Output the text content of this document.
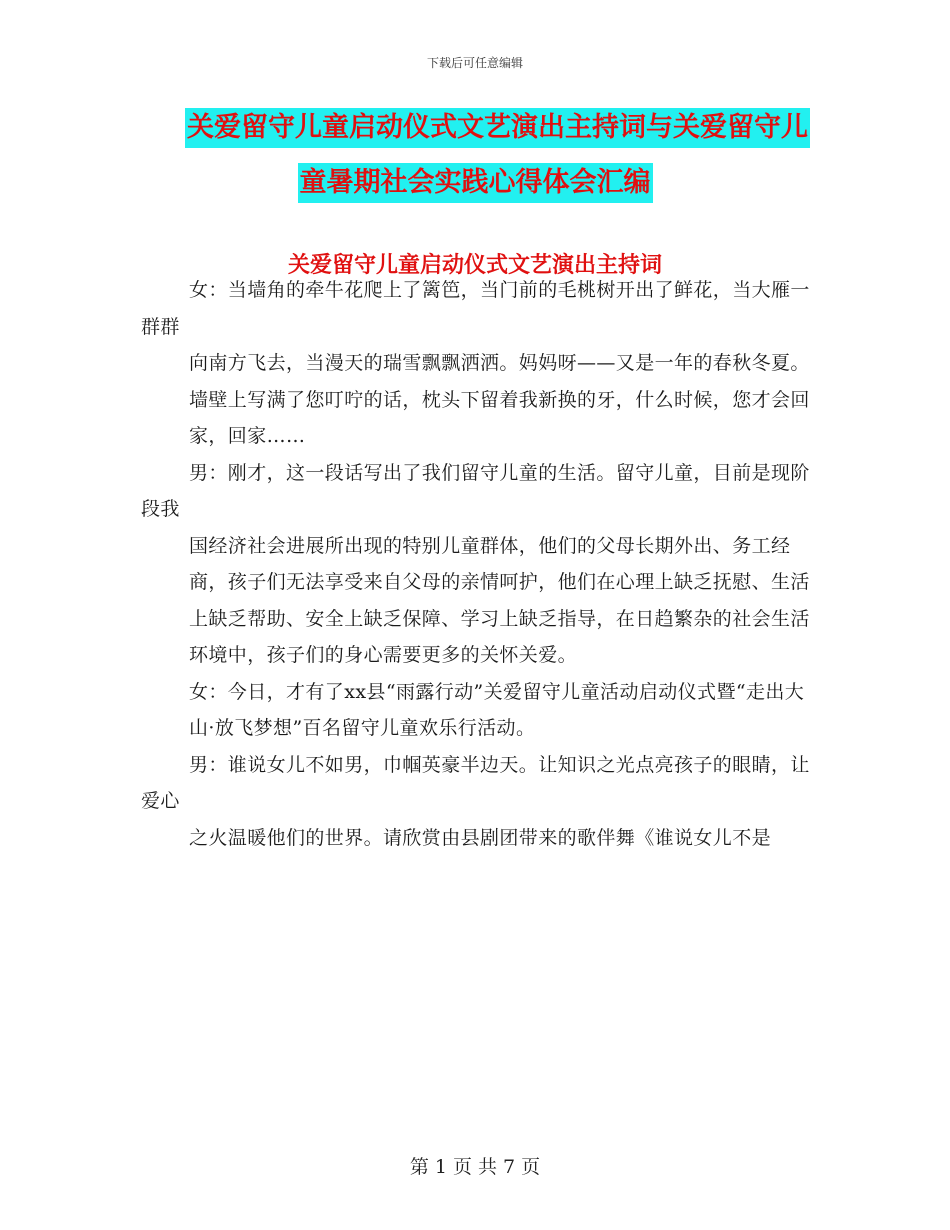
下载后可任意编辑
关爱留守儿童启动仪式文艺演出主持词与关爱留守儿
童暑期社会实践心得体会汇编
关爱留守儿童启动仪式文艺演出主持词

女：当墙角的牵牛花爬上了篱笆，当门前的毛桃树开出了鲜花，当大雁一群群

向南方飞去，当漫天的瑞雪飘飘洒洒。妈妈呀——又是一年的春秋冬夏。

墙壁上写满了您叮咛的话，枕头下留着我新换的牙，什么时候，您才会回

家，回家……

男：刚才，这一段话写出了我们留守儿童的生活。留守儿童，目前是现阶段我

国经济社会进展所出现的特别儿童群体，他们的父母长期外出、务工经

商，孩子们无法享受来自父母的亲情呵护，他们在心理上缺乏抚慰、生活

上缺乏帮助、安全上缺乏保障、学习上缺乏指导，在日趋繁杂的社会生活

环境中，孩子们的身心需要更多的关怀关爱。

女：今日，才有了xx县“雨露行动”关爱留守儿童活动启动仪式暨“走出大

山·放飞梦想”百名留守儿童欢乐行活动。

男：谁说女儿不如男，巾帼英豪半边天。让知识之光点亮孩子的眼睛，让爱心

之火温暖他们的世界。请欣赏由县剧团带来的歌伴舞《谁说女儿不是

第 1 页 共 7 页
